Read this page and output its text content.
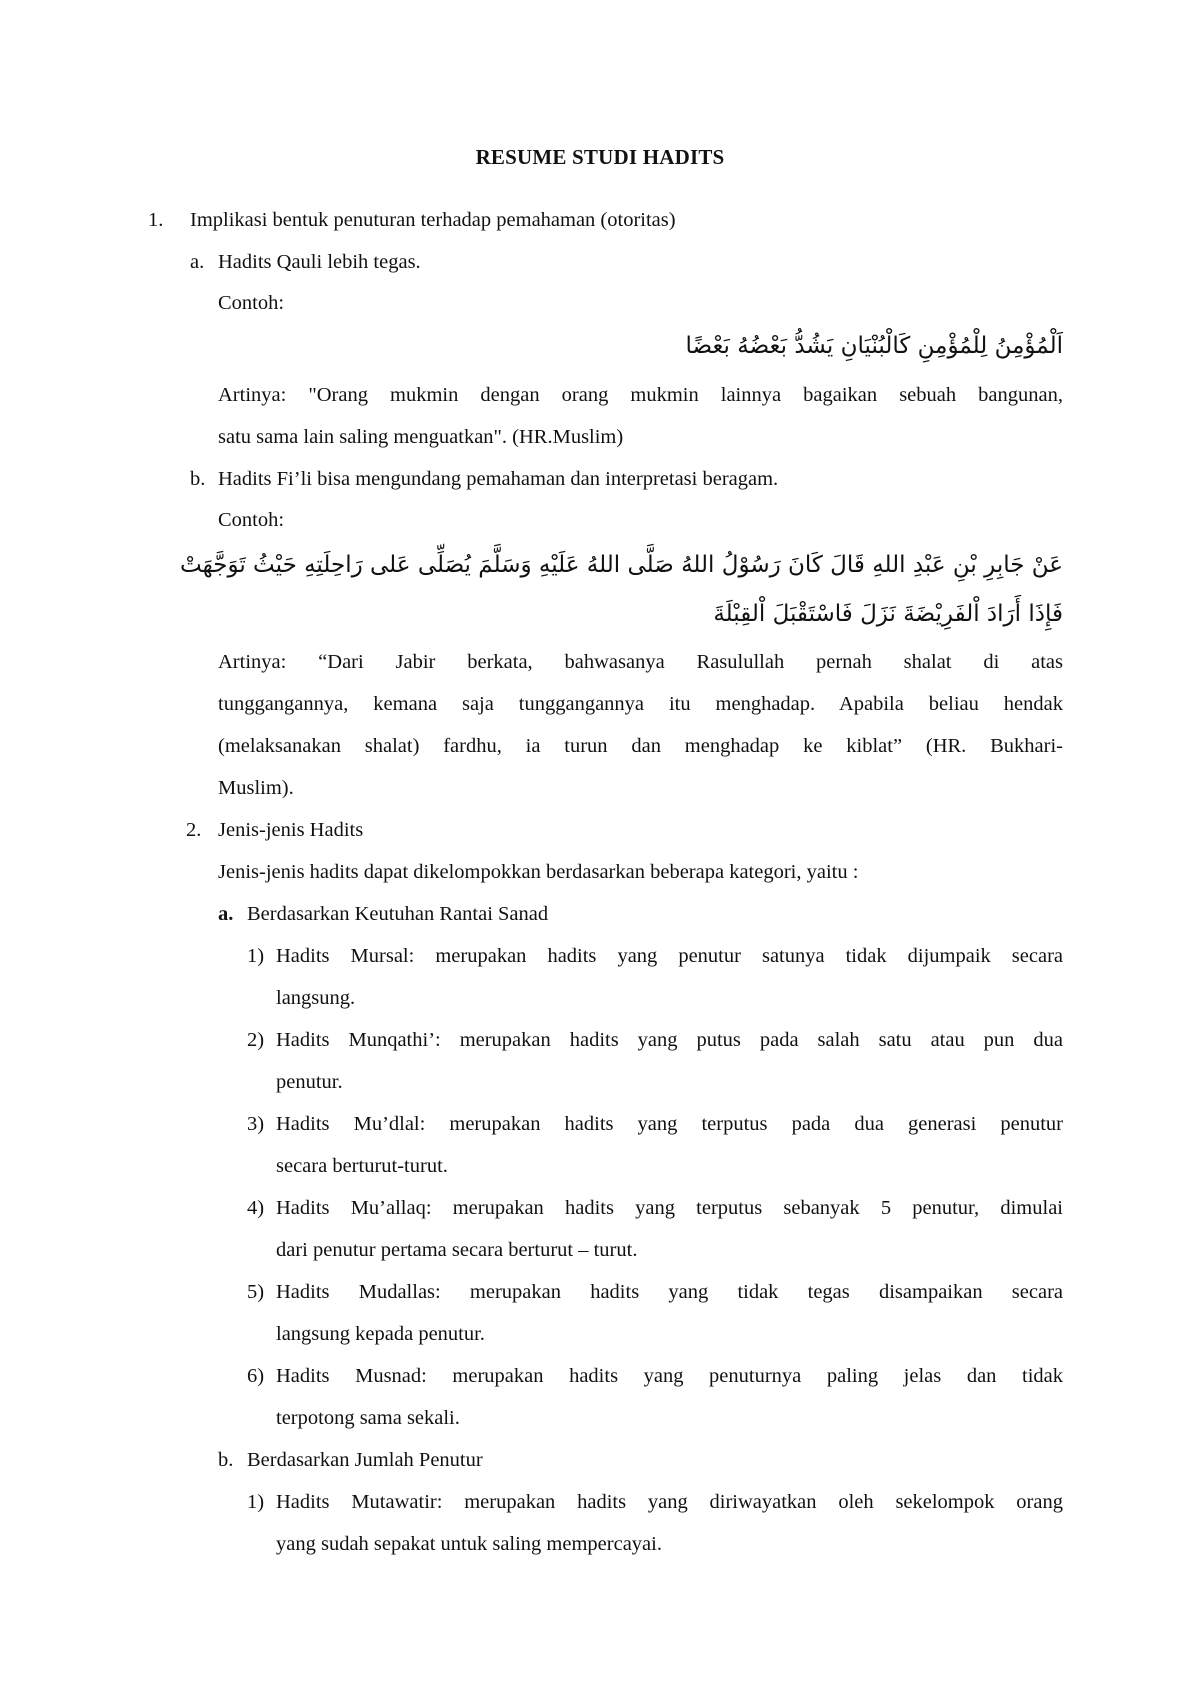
RESUME STUDI HADITS
1. Implikasi bentuk penuturan terhadap pemahaman (otoritas)
a. Hadits Qauli lebih tegas.
Contoh:
اَلْمُؤْمِنُ لِلْمُؤْمِنِ كَالْبُنْيَانِ يَشُدُّ بَعْضُهُ بَعْضًا
Artinya: "Orang mukmin dengan orang mukmin lainnya bagaikan sebuah bangunan,
satu sama lain saling menguatkan". (HR.Muslim)
b. Hadits Fi’li bisa mengundang pemahaman dan interpretasi beragam.
Contoh:
عَنْ جَابِرِ بْنِ عَبْدِ اللهِ قَالَ كَانَ رَسُوْلُ اللهُ صَلَّى اللهُ عَلَيْهِ وَسَلَّمَ يُصَلِّى عَلى رَاحِلَتِهِ حَيْثُ تَوَجَّهَتْ
فَإِذَا أَرَادَ اْلفَرِيْضَةَ نَزَلَ فَاسْتَقْبَلَ اْلقِبْلَةَ
Artinya: “Dari Jabir berkata, bahwasanya Rasulullah pernah shalat di atas
tunggangannya, kemana saja tunggangannya itu menghadap. Apabila beliau hendak
(melaksanakan shalat) fardhu, ia turun dan menghadap ke kiblat” (HR. Bukhari-
Muslim).
2. Jenis-jenis Hadits
Jenis-jenis hadits dapat dikelompokkan berdasarkan beberapa kategori, yaitu :
a. Berdasarkan Keutuhan Rantai Sanad
1) Hadits Mursal: merupakan hadits yang penutur satunya tidak dijumpaik secara
langsung.
2) Hadits Munqathi’: merupakan hadits yang putus pada salah satu atau pun dua
penutur.
3) Hadits Mu’dlal: merupakan hadits yang terputus pada dua generasi penutur
secara berturut-turut.
4) Hadits Mu’allaq: merupakan hadits yang terputus sebanyak 5 penutur, dimulai
dari penutur pertama secara berturut – turut.
5) Hadits Mudallas: merupakan hadits yang tidak tegas disampaikan secara
langsung kepada penutur.
6) Hadits Musnad: merupakan hadits yang penuturnya paling jelas dan tidak
terpotong sama sekali.
b. Berdasarkan Jumlah Penutur
1) Hadits Mutawatir: merupakan hadits yang diriwayatkan oleh sekelompok orang
yang sudah sepakat untuk saling mempercayai.
